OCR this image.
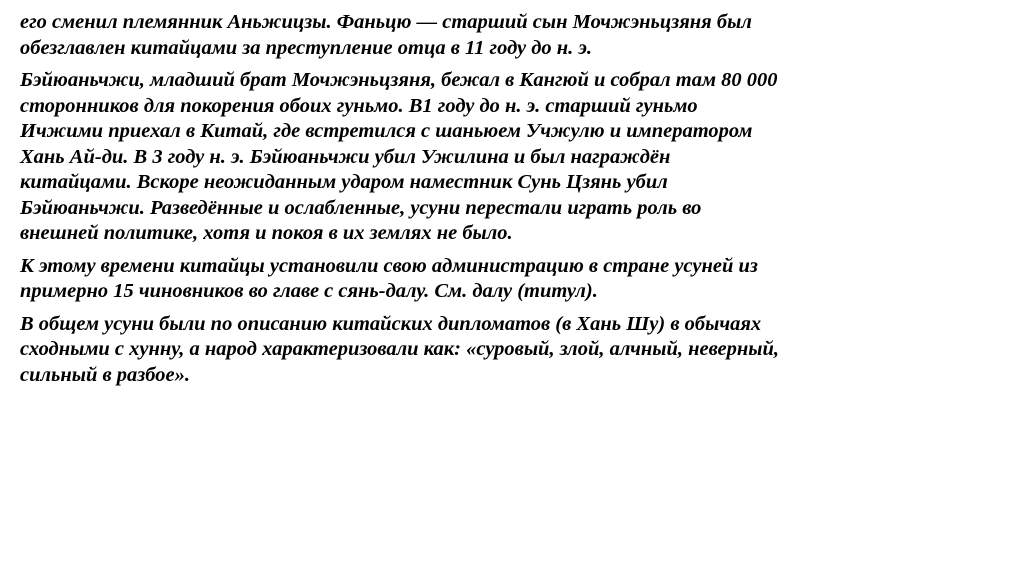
его сменил племянник Аньжицзы. Фаньцю — старший сын Мочжэньцзяня был
обезглавлен китайцами за преступление отца в 11 году до н. э.

Бэйюаньчжи, младший брат Мочжэньцзяня, бежал в Кангюй и собрал там 80 000
сторонников для покорения обоих гуньмо. В1 году до н. э. старший гуньмо
Ичжими приехал в Китай, где встретился с шаньюем Учжулю и императором
Хань Ай-ди. В 3 году н. э. Бэйюаньчжи убил Ужилина и был награждён
китайцами. Вскоре неожиданным ударом наместник Сунь Цзянь убил
Бэйюаньчжи. Разведённые и ослабленные, усуни перестали играть роль во
внешней политике, хотя и покоя в их землях не было.

К этому времени китайцы установили свою администрацию в стране усуней из
примерно 15 чиновников во главе с сянь-далу. См. далу (титул).

В общем усуни были по описанию китайских дипломатов (в Хань Шу) в обычаях
сходными с хунну, а народ характеризовали как: «суровый, злой, алчный, неверный,
сильный в разбое».
